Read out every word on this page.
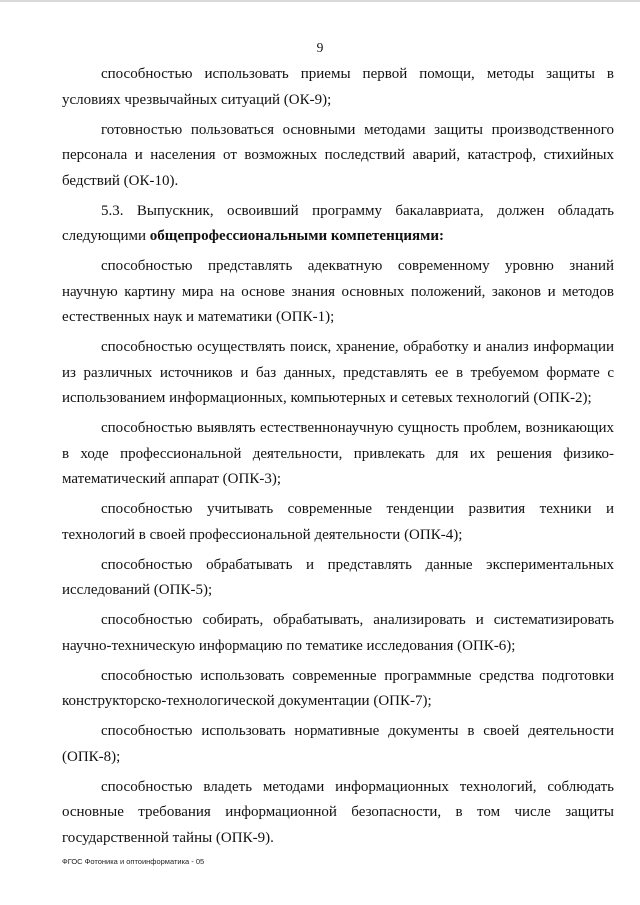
9

способностью использовать приемы первой помощи, методы защиты в условиях чрезвычайных ситуаций (ОК-9);

готовностью пользоваться основными методами защиты производственного персонала и населения от возможных последствий аварий, катастроф, стихийных бедствий (ОК-10).

5.3. Выпускник, освоивший программу бакалавриата, должен обладать следующими общепрофессиональными компетенциями:

способностью представлять адекватную современному уровню знаний научную картину мира на основе знания основных положений, законов и методов естественных наук и математики (ОПК-1);

способностью осуществлять поиск, хранение, обработку и анализ информации из различных источников и баз данных, представлять ее в требуемом формате с использованием информационных, компьютерных и сетевых технологий (ОПК-2);

способностью выявлять естественнонаучную сущность проблем, возникающих в ходе профессиональной деятельности, привлекать для их решения физико-математический аппарат (ОПК-3);

способностью учитывать современные тенденции развития техники и технологий в своей профессиональной деятельности (ОПК-4);

способностью обрабатывать и представлять данные экспериментальных исследований (ОПК-5);

способностью собирать, обрабатывать, анализировать и систематизировать научно-техническую информацию по тематике исследования (ОПК-6);

способностью использовать современные программные средства подготовки конструкторско-технологической документации (ОПК-7);

способностью использовать нормативные документы в своей деятельности (ОПК-8);

способностью владеть методами информационных технологий, соблюдать основные требования информационной безопасности, в том числе защиты государственной тайны (ОПК-9).

ФГОС Фотоника и оптоинформатика - 05
